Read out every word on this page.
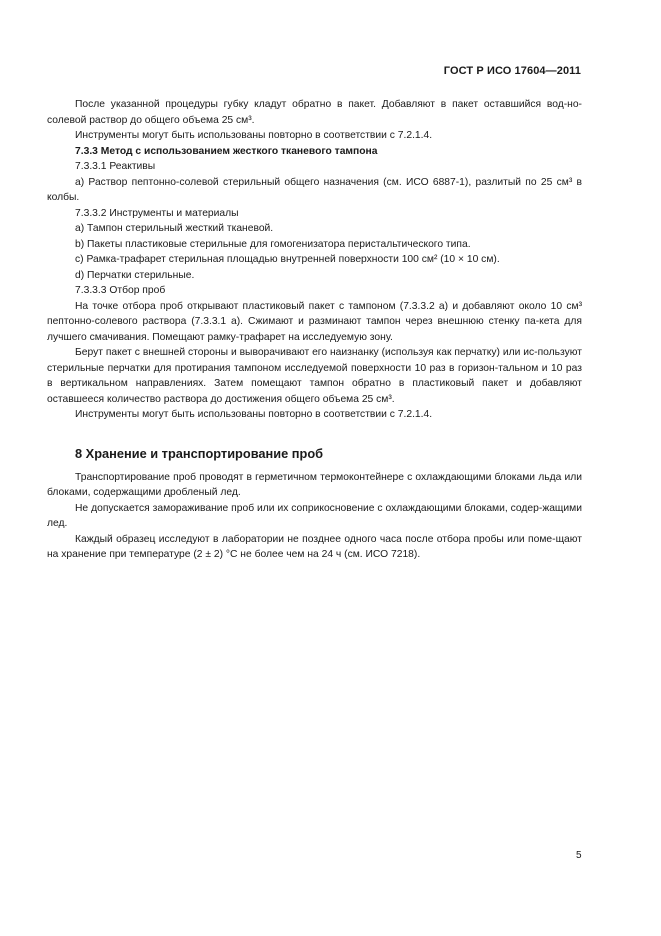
ГОСТ Р ИСО 17604—2011

После указанной процедуры губку кладут обратно в пакет. Добавляют в пакет оставшийся вод-но-солевой раствор до общего объема 25 см³.

Инструменты могут быть использованы повторно в соответствии с 7.2.1.4.

7.3.3 Метод с использованием жесткого тканевого тампона

7.3.3.1 Реактивы

a) Раствор пептонно-солевой стерильный общего назначения (см. ИСО 6887-1), разлитый по 25 см³ в колбы.

7.3.3.2 Инструменты и материалы

a) Тампон стерильный жесткий тканевой.

b) Пакеты пластиковые стерильные для гомогенизатора перистальтического типа.

c) Рамка-трафарет стерильная площадью внутренней поверхности 100 см² (10 × 10 см).

d) Перчатки стерильные.

7.3.3.3 Отбор проб

На точке отбора проб открывают пластиковый пакет с тампоном (7.3.3.2 a) и добавляют около 10 см³ пептонно-солевого раствора (7.3.3.1 a). Сжимают и разминают тампон через внешнюю стенку па-кета для лучшего смачивания. Помещают рамку-трафарет на исследуемую зону.

Берут пакет с внешней стороны и выворачивают его наизнанку (используя как перчатку) или ис-пользуют стерильные перчатки для протирания тампоном исследуемой поверхности 10 раз в горизон-тальном и 10 раз в вертикальном направлениях. Затем помещают тампон обратно в пластиковый пакет и добавляют оставшееся количество раствора до достижения общего объема 25 см³.

Инструменты могут быть использованы повторно в соответствии с 7.2.1.4.

8 Хранение и транспортирование проб

Транспортирование проб проводят в герметичном термоконтейнере с охлаждающими блоками льда или блоками, содержащими дробленый лед.

Не допускается замораживание проб или их соприкосновение с охлаждающими блоками, содер-жащими лед.

Каждый образец исследуют в лаборатории не позднее одного часа после отбора пробы или поме-щают на хранение при температуре (2 ± 2) °С не более чем на 24 ч (см. ИСО 7218).

5
